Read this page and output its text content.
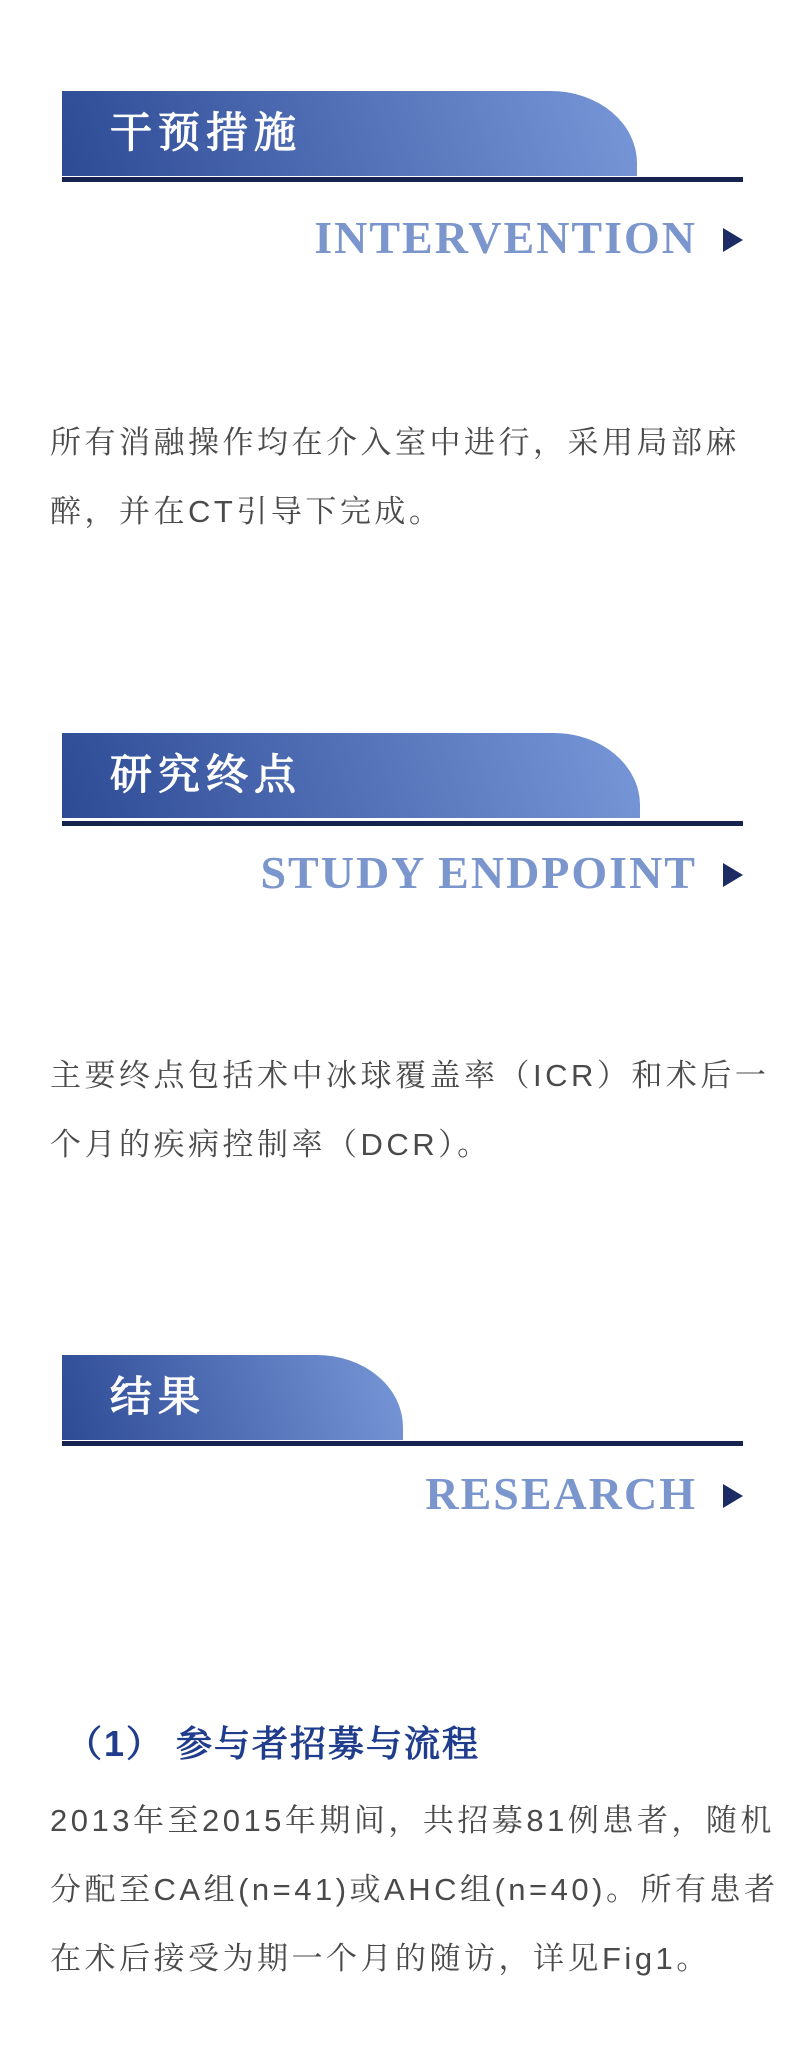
干预措施
INTERVENTION
所有消融操作均在介入室中进行，采用局部麻
醉，并在CT引导下完成。
研究终点
STUDY ENDPOINT
主要终点包括术中冰球覆盖率（ICR）和术后一
个月的疾病控制率（DCR）。
结果
RESEARCH
（1） 参与者招募与流程
2013年至2015年期间，共招募81例患者，随机
分配至CA组(n=41)或AHC组(n=40)。所有患者
在术后接受为期一个月的随访，详见Fig1。
